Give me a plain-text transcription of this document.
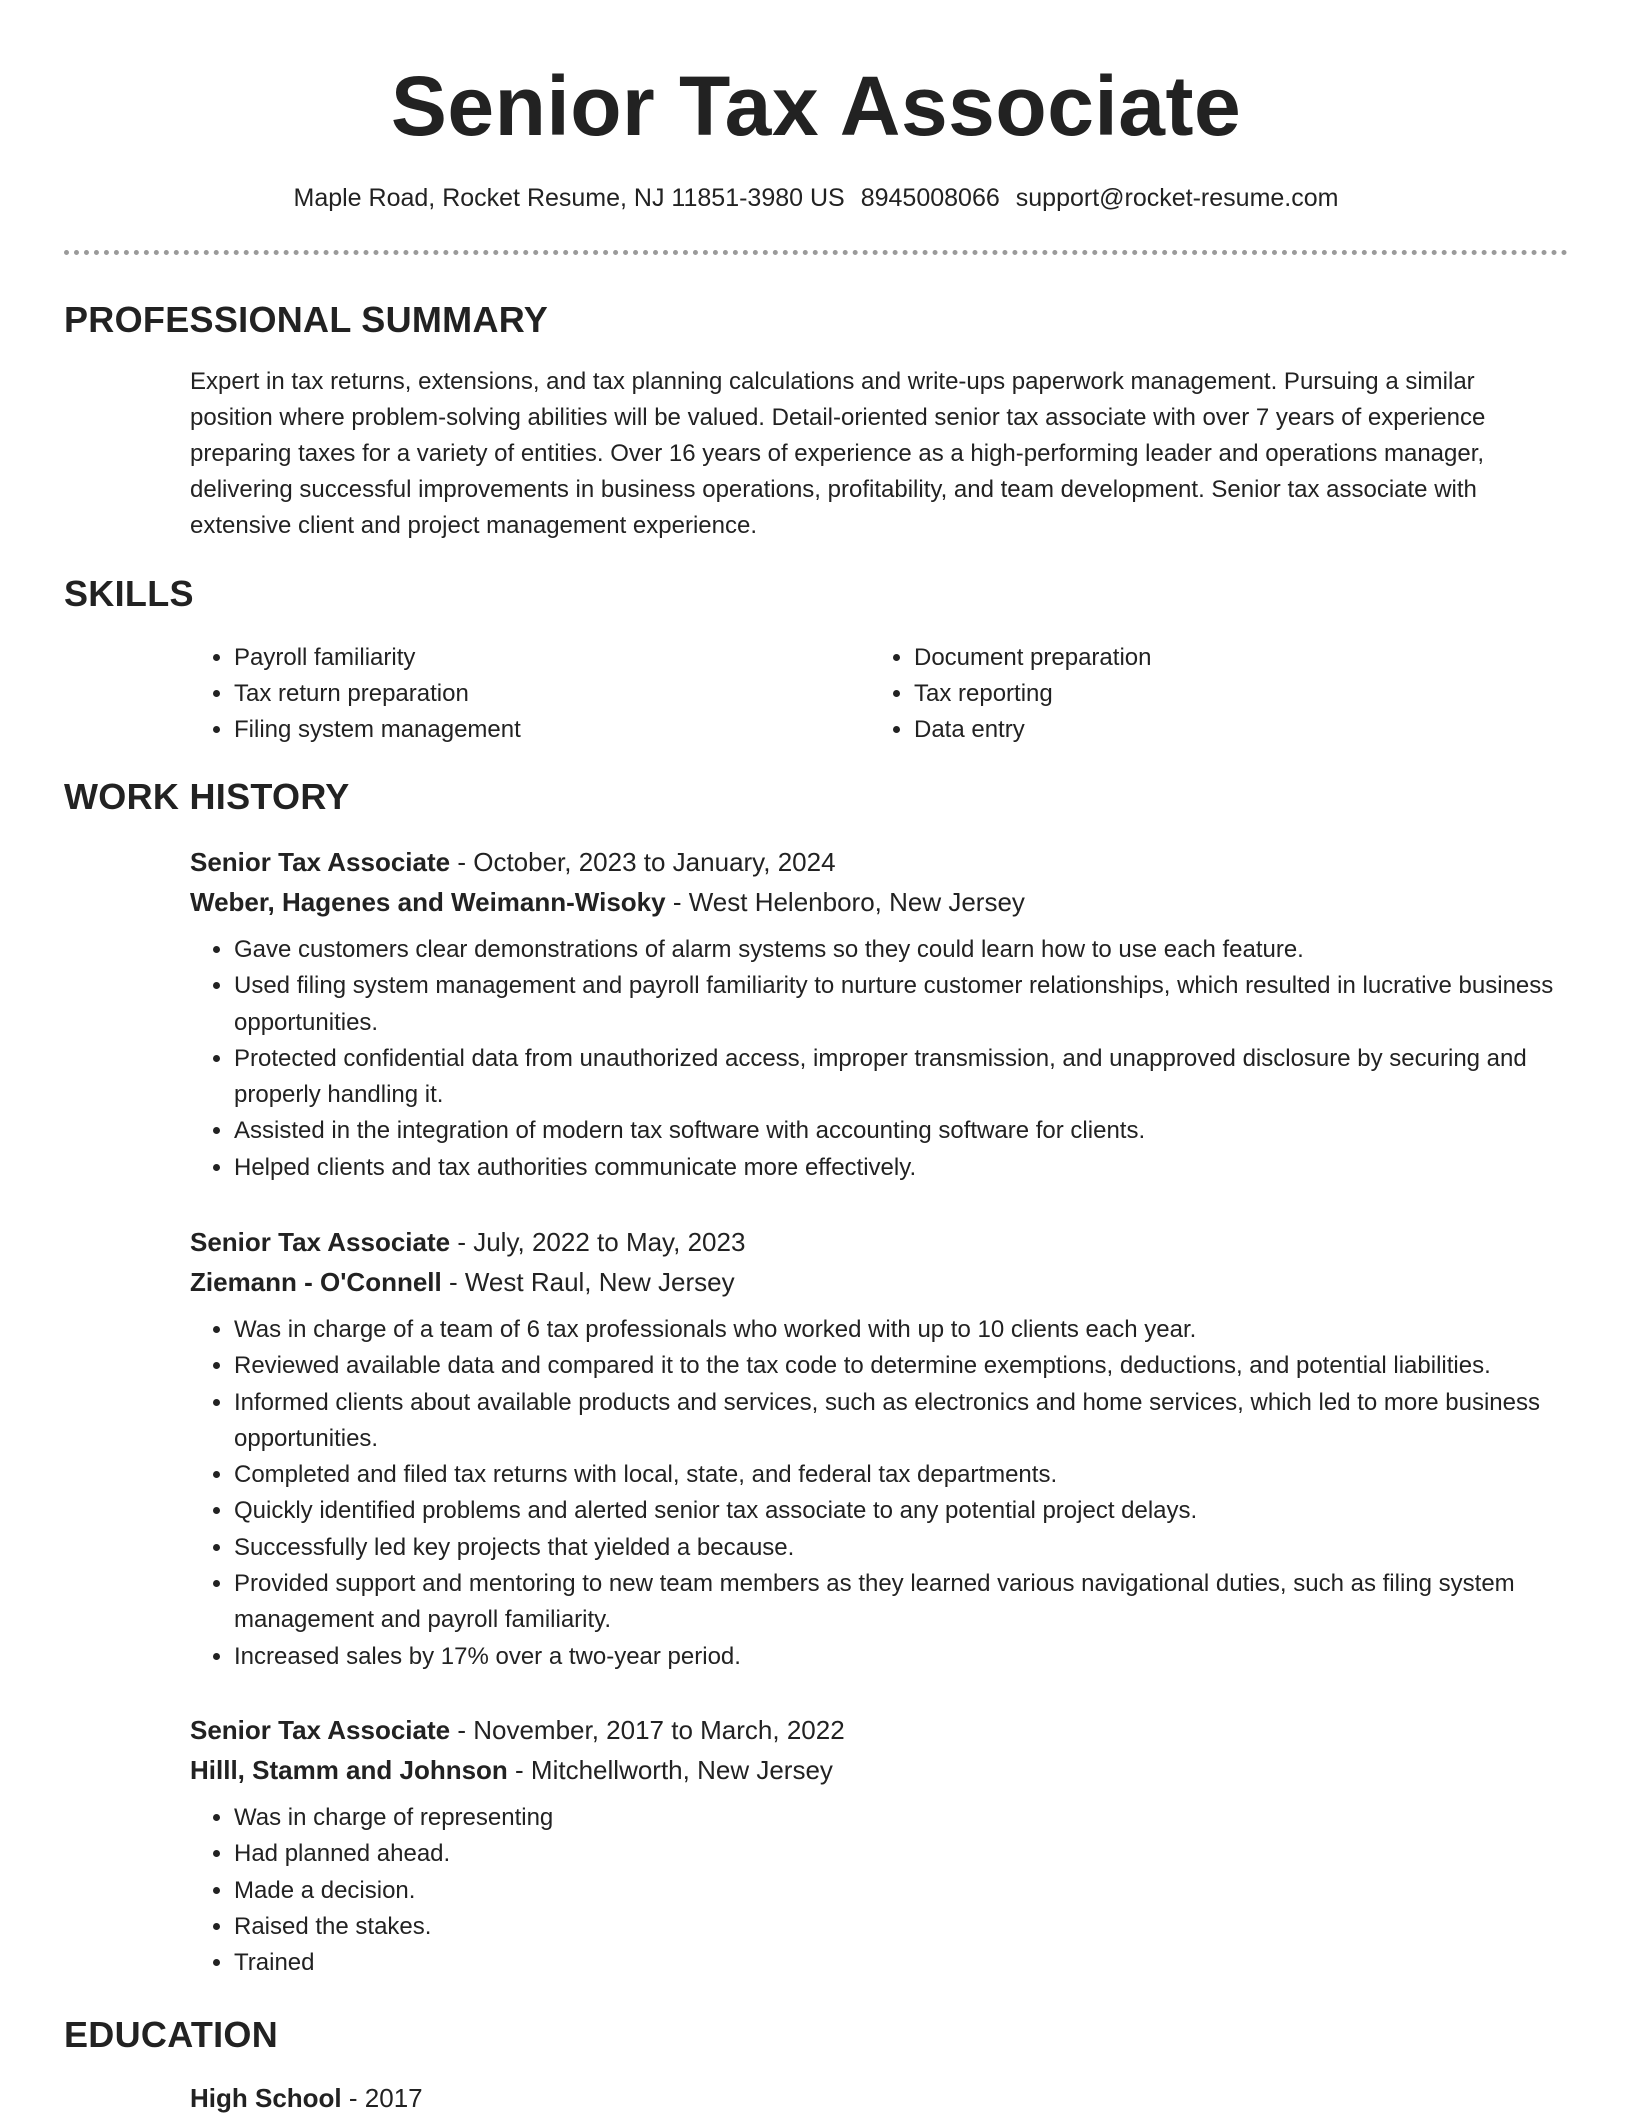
Senior Tax Associate
Maple Road, Rocket Resume, NJ 11851-3980 US 8945008066 support@rocket-resume.com
PROFESSIONAL SUMMARY

Expert in tax returns, extensions, and tax planning calculations and write-ups paperwork management. Pursuing a similar position where problem-solving abilities will be valued. Detail-oriented senior tax associate with over 7 years of experience preparing taxes for a variety of entities. Over 16 years of experience as a high-performing leader and operations manager, delivering successful improvements in business operations, profitability, and team development. Senior tax associate with extensive client and project management experience.

SKILLS
• Payroll familiarity
• Tax return preparation
• Filing system management
• Document preparation
• Tax reporting
• Data entry
WORK HISTORY
Senior Tax Associate - October, 2023 to January, 2024
Weber, Hagenes and Weimann-Wisoky - West Helenboro, New Jersey
• Gave customers clear demonstrations of alarm systems so they could learn how to use each feature.
• Used filing system management and payroll familiarity to nurture customer relationships, which resulted in lucrative business opportunities.
• Protected confidential data from unauthorized access, improper transmission, and unapproved disclosure by securing and properly handling it.
• Assisted in the integration of modern tax software with accounting software for clients.
• Helped clients and tax authorities communicate more effectively.
Senior Tax Associate - July, 2022 to May, 2023
Ziemann - O'Connell - West Raul, New Jersey
• Was in charge of a team of 6 tax professionals who worked with up to 10 clients each year.
• Reviewed available data and compared it to the tax code to determine exemptions, deductions, and potential liabilities.
• Informed clients about available products and services, such as electronics and home services, which led to more business opportunities.
• Completed and filed tax returns with local, state, and federal tax departments.
• Quickly identified problems and alerted senior tax associate to any potential project delays.
• Successfully led key projects that yielded a because.
• Provided support and mentoring to new team members as they learned various navigational duties, such as filing system management and payroll familiarity.
• Increased sales by 17% over a two-year period.
Senior Tax Associate - November, 2017 to March, 2022
Hilll, Stamm and Johnson - Mitchellworth, New Jersey
• Was in charge of representing
• Had planned ahead.
• Made a decision.
• Raised the stakes.
• Trained
EDUCATION
High School - 2017
